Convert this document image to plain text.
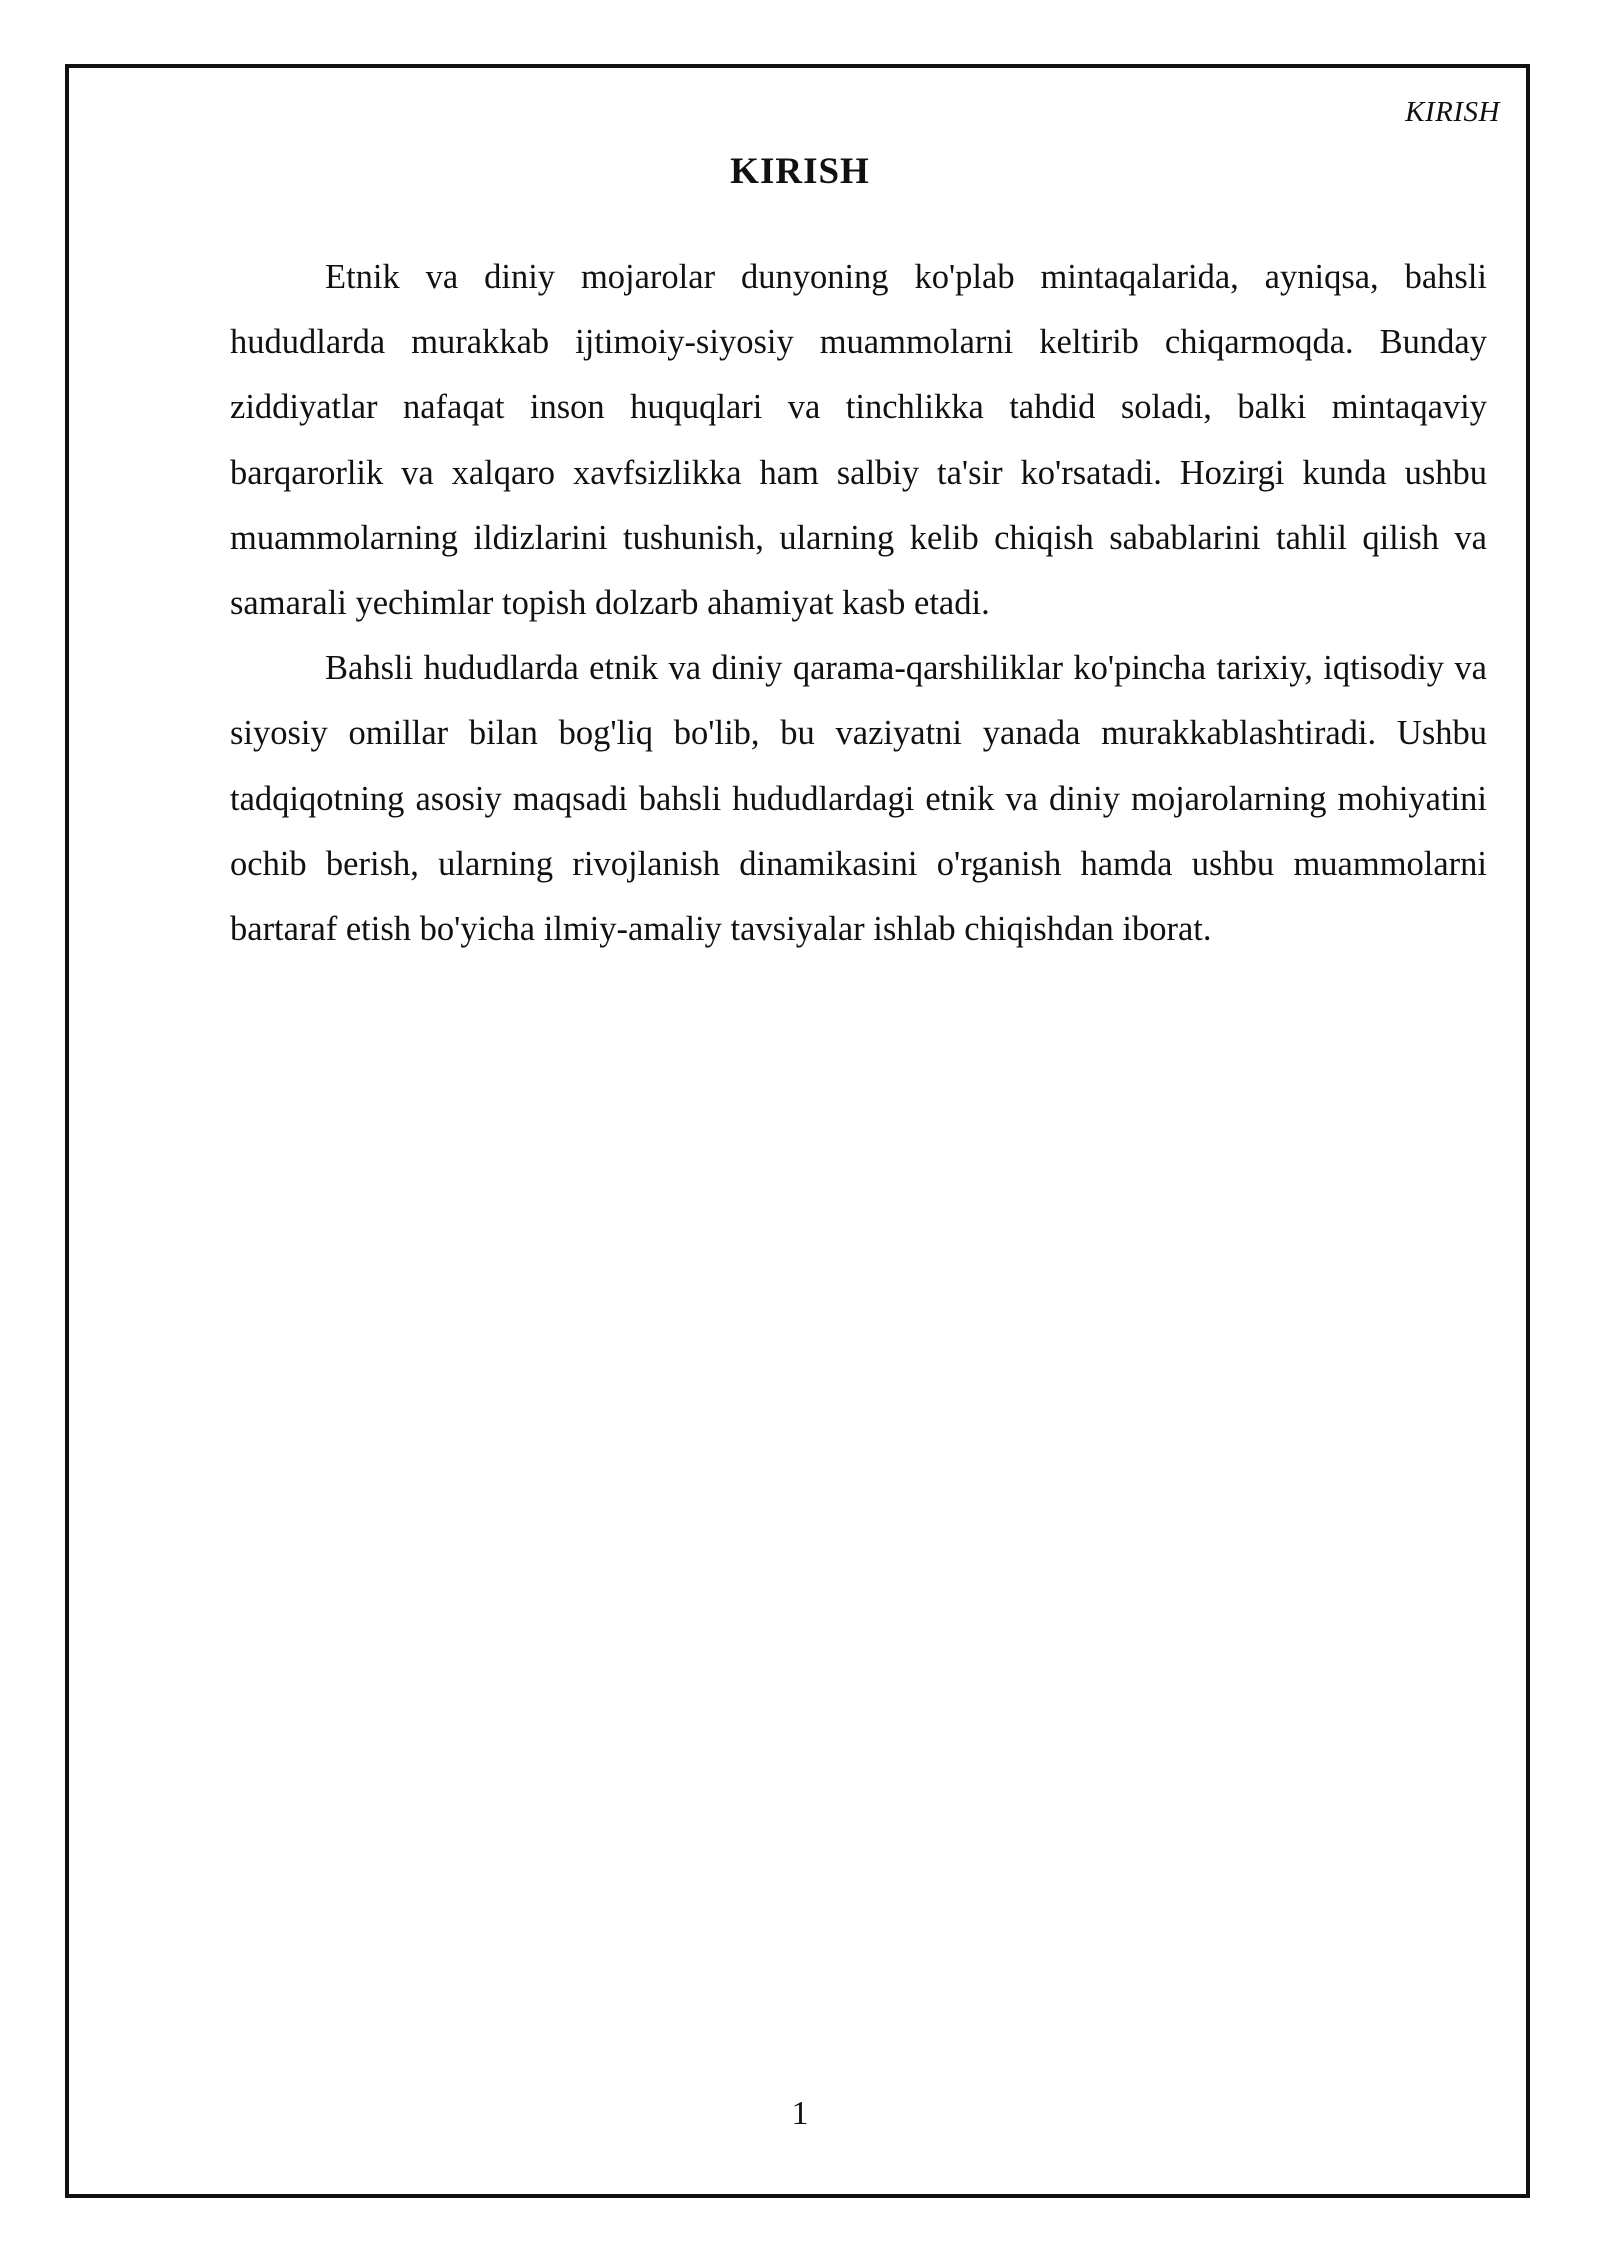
KIRISH
KIRISH

Etnik va diniy mojarolar dunyoning ko'plab mintaqalarida, ayniqsa, bahsli hududlarda murakkab ijtimoiy-siyosiy muammolarni keltirib chiqarmoqda. Bunday ziddiyatlar nafaqat inson huquqlari va tinchlikka tahdid soladi, balki mintaqaviy barqarorlik va xalqaro xavfsizlikka ham salbiy ta'sir ko'rsatadi. Hozirgi kunda ushbu muammolarning ildizlarini tushunish, ularning kelib chiqish sabablarini tahlil qilish va samarali yechimlar topish dolzarb ahamiyat kasb etadi.

Bahsli hududlarda etnik va diniy qarama-qarshiliklar ko'pincha tarixiy, iqtisodiy va siyosiy omillar bilan bog'liq bo'lib, bu vaziyatni yanada murakkablashtiradi. Ushbu tadqiqotning asosiy maqsadi bahsli hududlardagi etnik va diniy mojarolarning mohiyatini ochib berish, ularning rivojlanish dinamikasini o'rganish hamda ushbu muammolarni bartaraf etish bo'yicha ilmiy-amaliy tavsiyalar ishlab chiqishdan iborat.

1
